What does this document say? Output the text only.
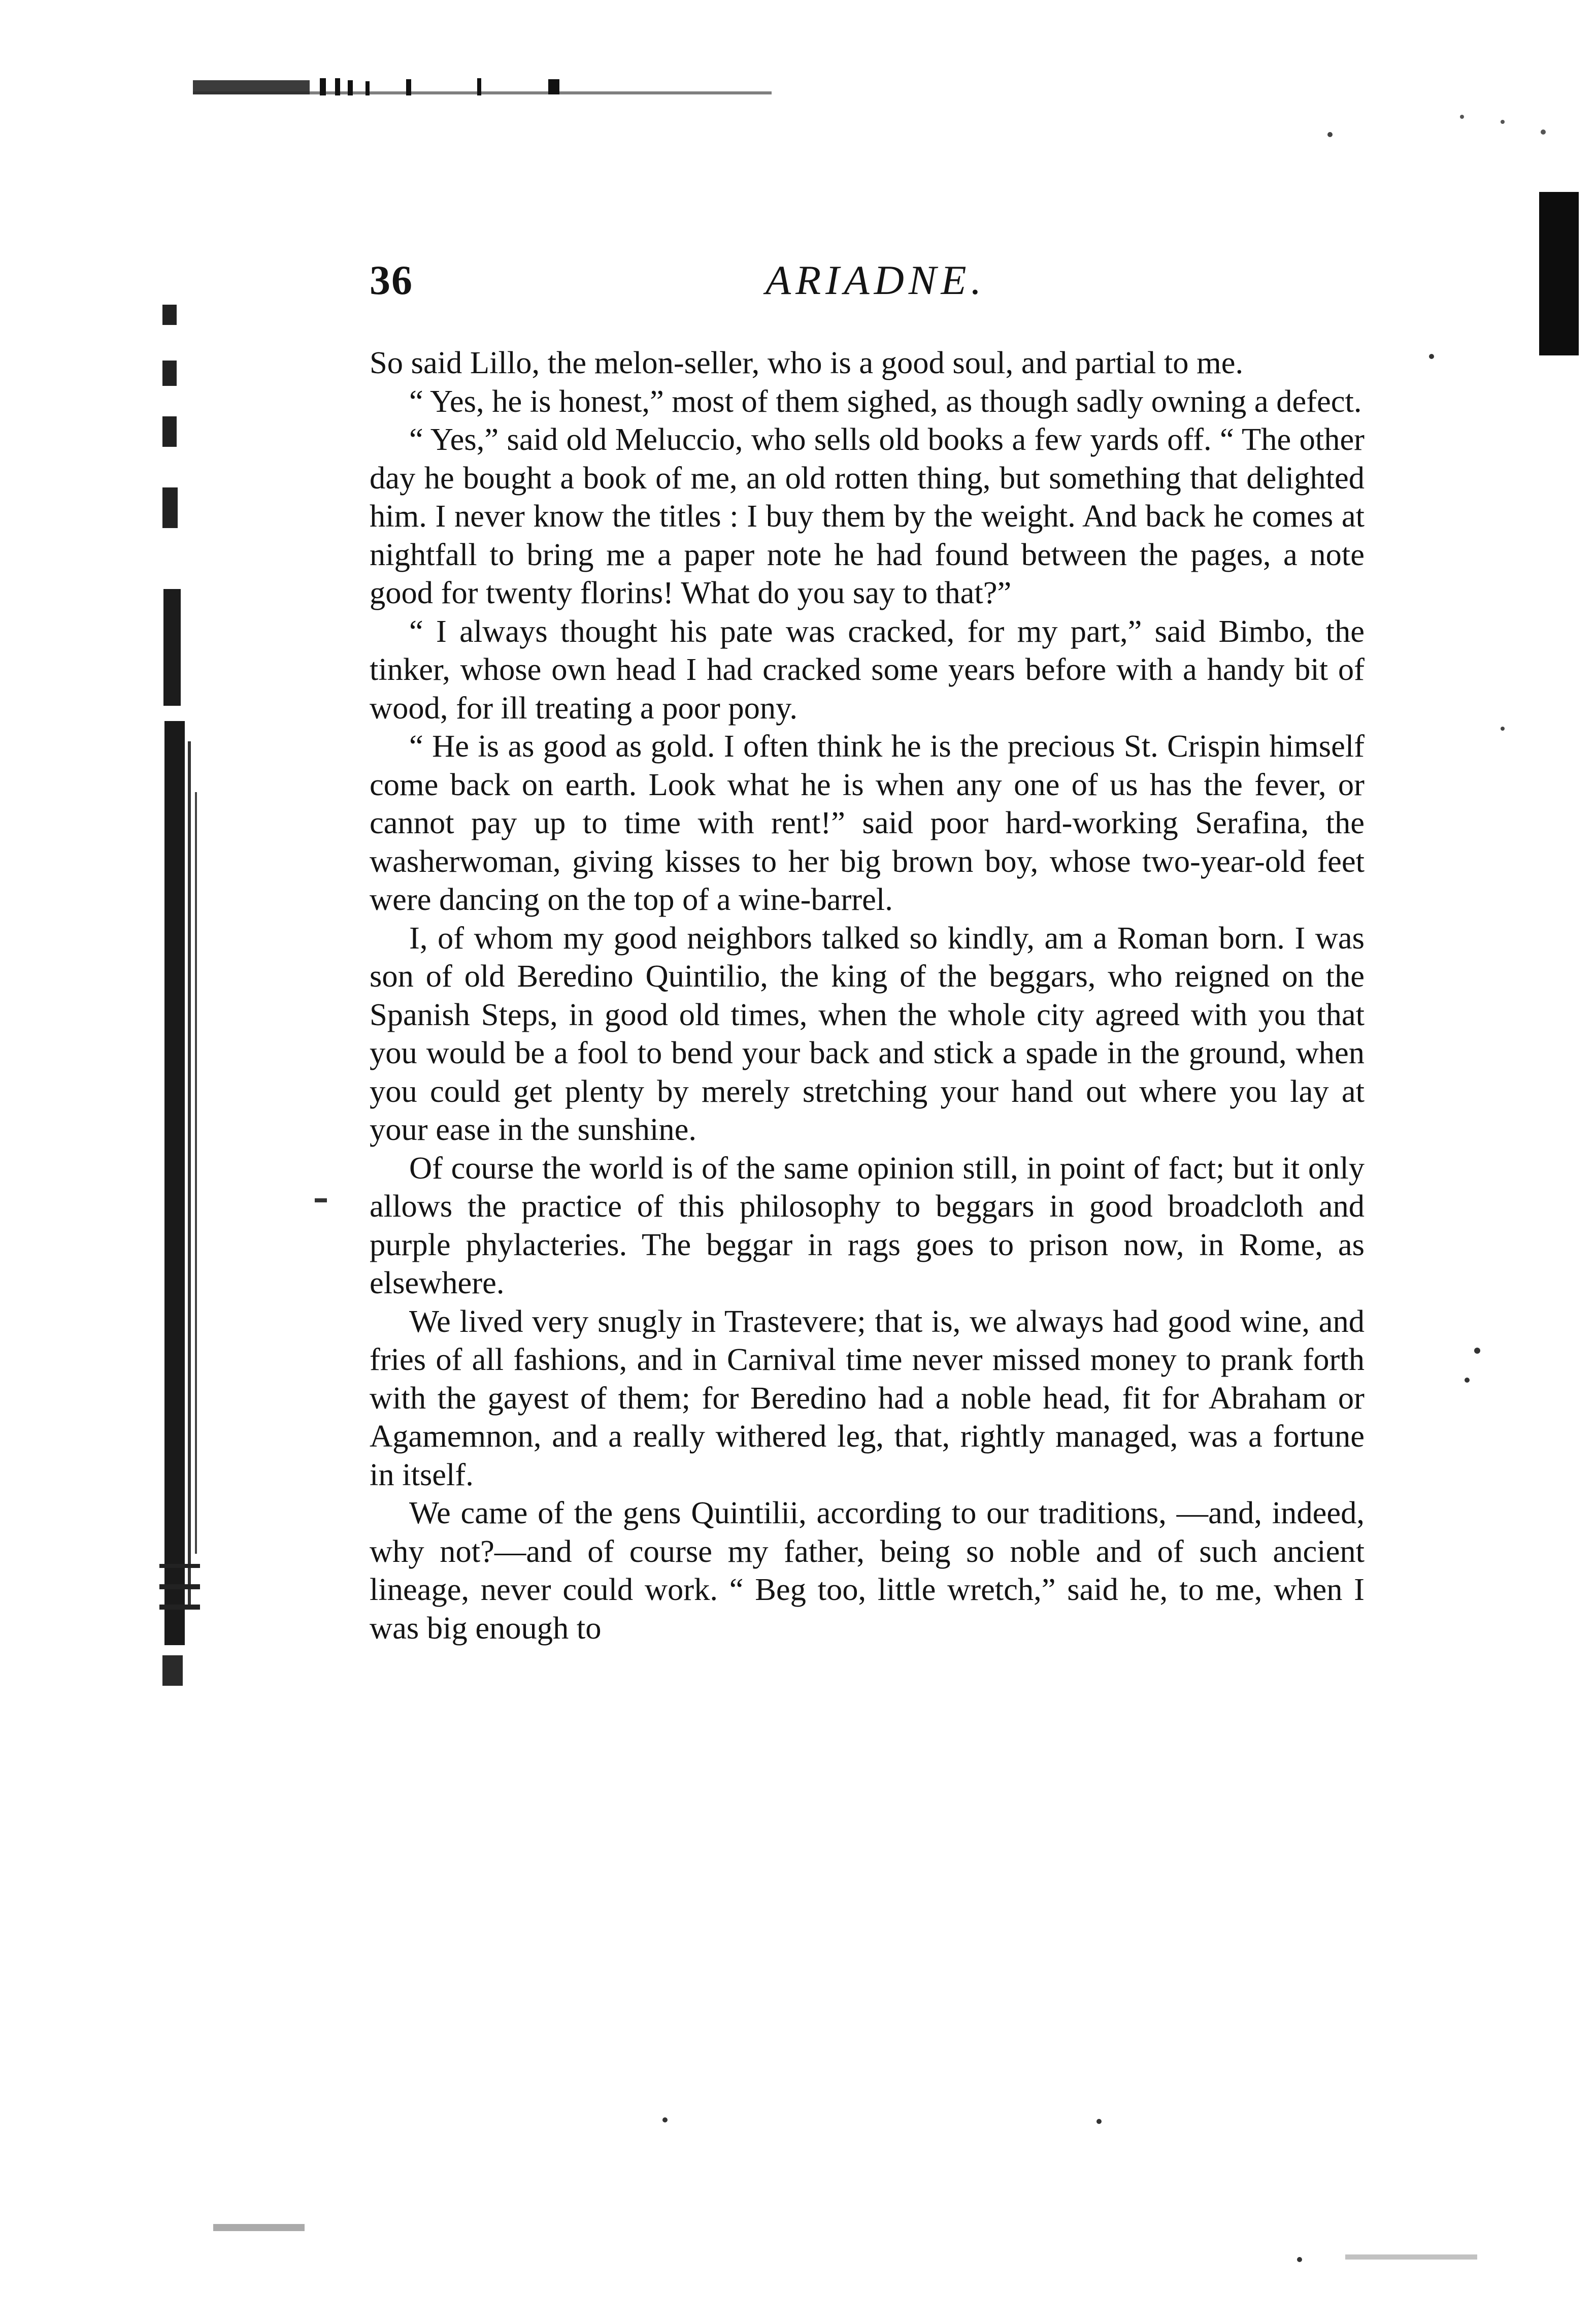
36	ARIADNE.

So said Lillo, the melon-seller, who is a good soul, and partial to me.

“ Yes, he is honest,” most of them sighed, as though sadly owning a defect.

“ Yes,” said old Meluccio, who sells old books a few yards off. “ The other day he bought a book of me, an old rotten thing, but something that delighted him. I never know the titles : I buy them by the weight. And back he comes at nightfall to bring me a paper note he had found between the pages, a note good for twenty florins! What do you say to that?”

“ I always thought his pate was cracked, for my part,” said Bimbo, the tinker, whose own head I had cracked some years before with a handy bit of wood, for ill treating a poor pony.

“ He is as good as gold. I often think he is the precious St. Crispin himself come back on earth. Look what he is when any one of us has the fever, or cannot pay up to time with rent!” said poor hard-working Serafina, the washerwoman, giving kisses to her big brown boy, whose two-year-old feet were dancing on the top of a wine-barrel.

I, of whom my good neighbors talked so kindly, am a Roman born. I was son of old Beredino Quintilio, the king of the beggars, who reigned on the Spanish Steps, in good old times, when the whole city agreed with you that you would be a fool to bend your back and stick a spade in the ground, when you could get plenty by merely stretching your hand out where you lay at your ease in the sunshine.

Of course the world is of the same opinion still, in point of fact; but it only allows the practice of this philosophy to beggars in good broadcloth and purple phylacteries. The beggar in rags goes to prison now, in Rome, as elsewhere.

We lived very snugly in Trastevere; that is, we always had good wine, and fries of all fashions, and in Carnival time never missed money to prank forth with the gayest of them; for Beredino had a noble head, fit for Abraham or Agamemnon, and a really withered leg, that, rightly managed, was a fortune in itself.

We came of the gens Quintilii, according to our traditions, —and, indeed, why not?—and of course my father, being so noble and of such ancient lineage, never could work. “ Beg too, little wretch,” said he, to me, when I was big enough to
